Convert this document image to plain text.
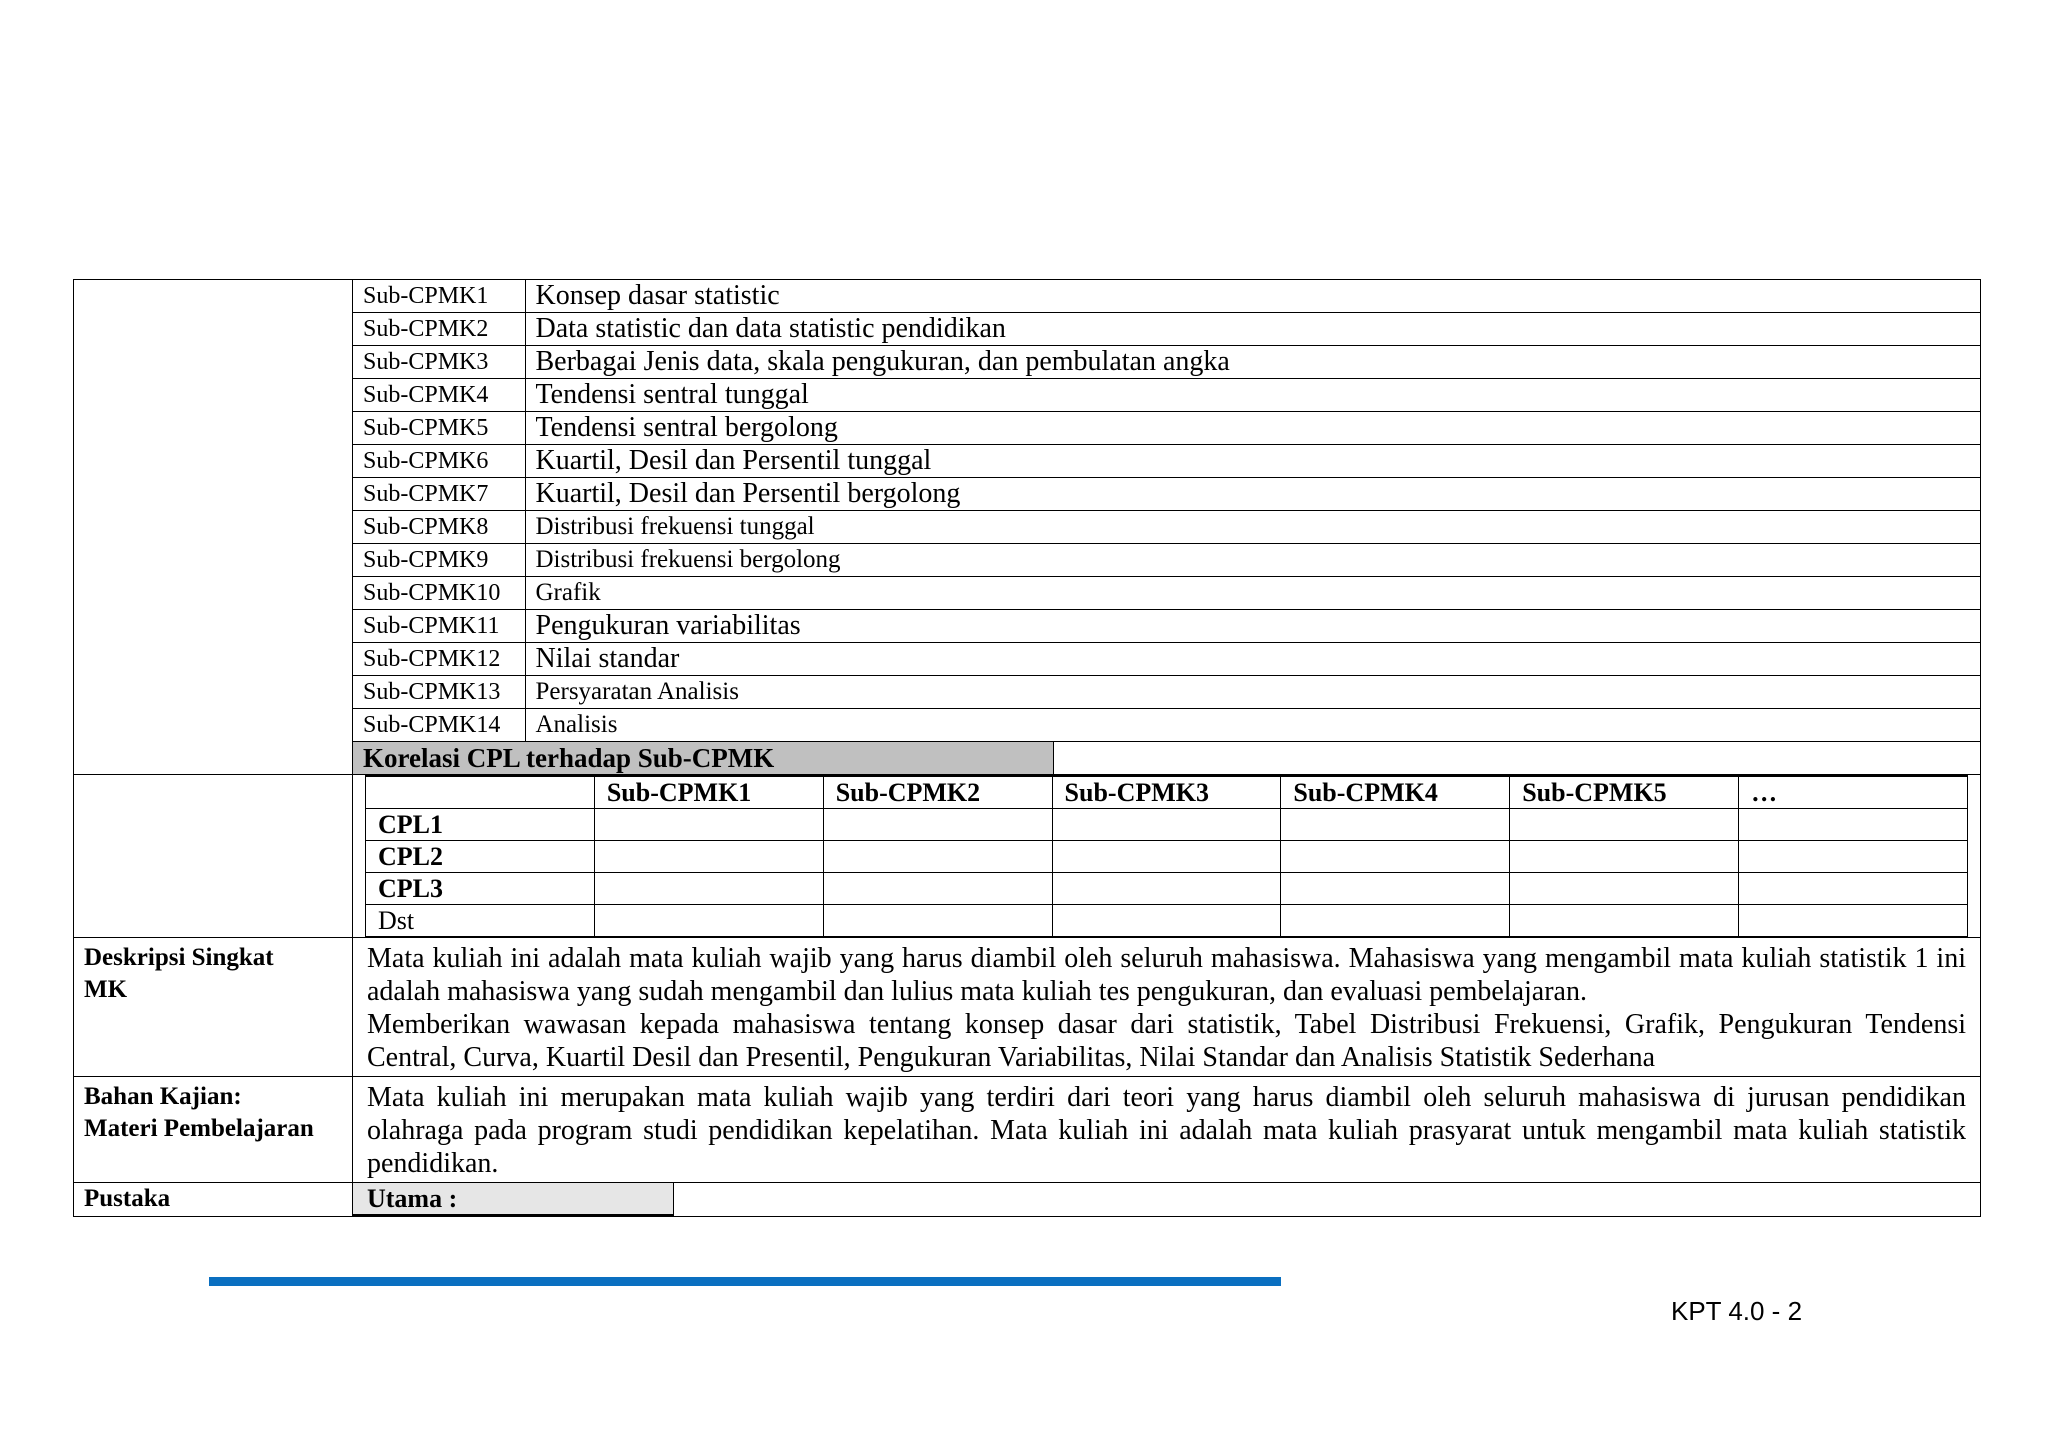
Sub-CPMK1	Konsep dasar statistic
Sub-CPMK2	Data statistic dan data statistic pendidikan
Sub-CPMK3	Berbagai Jenis data, skala pengukuran, dan pembulatan angka
Sub-CPMK4	Tendensi sentral tunggal
Sub-CPMK5	Tendensi sentral bergolong
Sub-CPMK6	Kuartil, Desil dan Persentil tunggal
Sub-CPMK7	Kuartil, Desil dan Persentil bergolong
Sub-CPMK8	Distribusi frekuensi tunggal
Sub-CPMK9	Distribusi frekuensi bergolong
Sub-CPMK10	Grafik
Sub-CPMK11	Pengukuran variabilitas
Sub-CPMK12	Nilai standar
Sub-CPMK13	Persyaratan Analisis
Sub-CPMK14	Analisis
Korelasi CPL terhadap Sub-CPMK	

	Sub-CPMK1	Sub-CPMK2	Sub-CPMK3	Sub-CPMK4	Sub-CPMK5	…
CPL1						
CPL2						
CPL3						
Dst						

Deskripsi Singkat
MK

Mata kuliah ini adalah mata kuliah wajib yang harus diambil oleh seluruh mahasiswa. Mahasiswa yang mengambil mata kuliah statistik 1 ini adalah mahasiswa yang sudah mengambil dan lulius mata kuliah tes pengukuran, dan evaluasi pembelajaran.

Memberikan wawasan kepada mahasiswa tentang konsep dasar dari statistik, Tabel Distribusi Frekuensi, Grafik, Pengukuran Tendensi Central, Curva, Kuartil Desil dan Presentil, Pengukuran Variabilitas, Nilai Standar dan Analisis Statistik Sederhana

Bahan Kajian:
Materi Pembelajaran

Mata kuliah ini merupakan mata kuliah wajib yang terdiri dari teori yang harus diambil oleh seluruh mahasiswa di jurusan pendidikan olahraga pada program studi pendidikan kepelatihan. Mata kuliah ini adalah mata kuliah prasyarat untuk mengambil mata kuliah statistik pendidikan.

Pustaka		Utama :	
KPT 4.0 - 2
